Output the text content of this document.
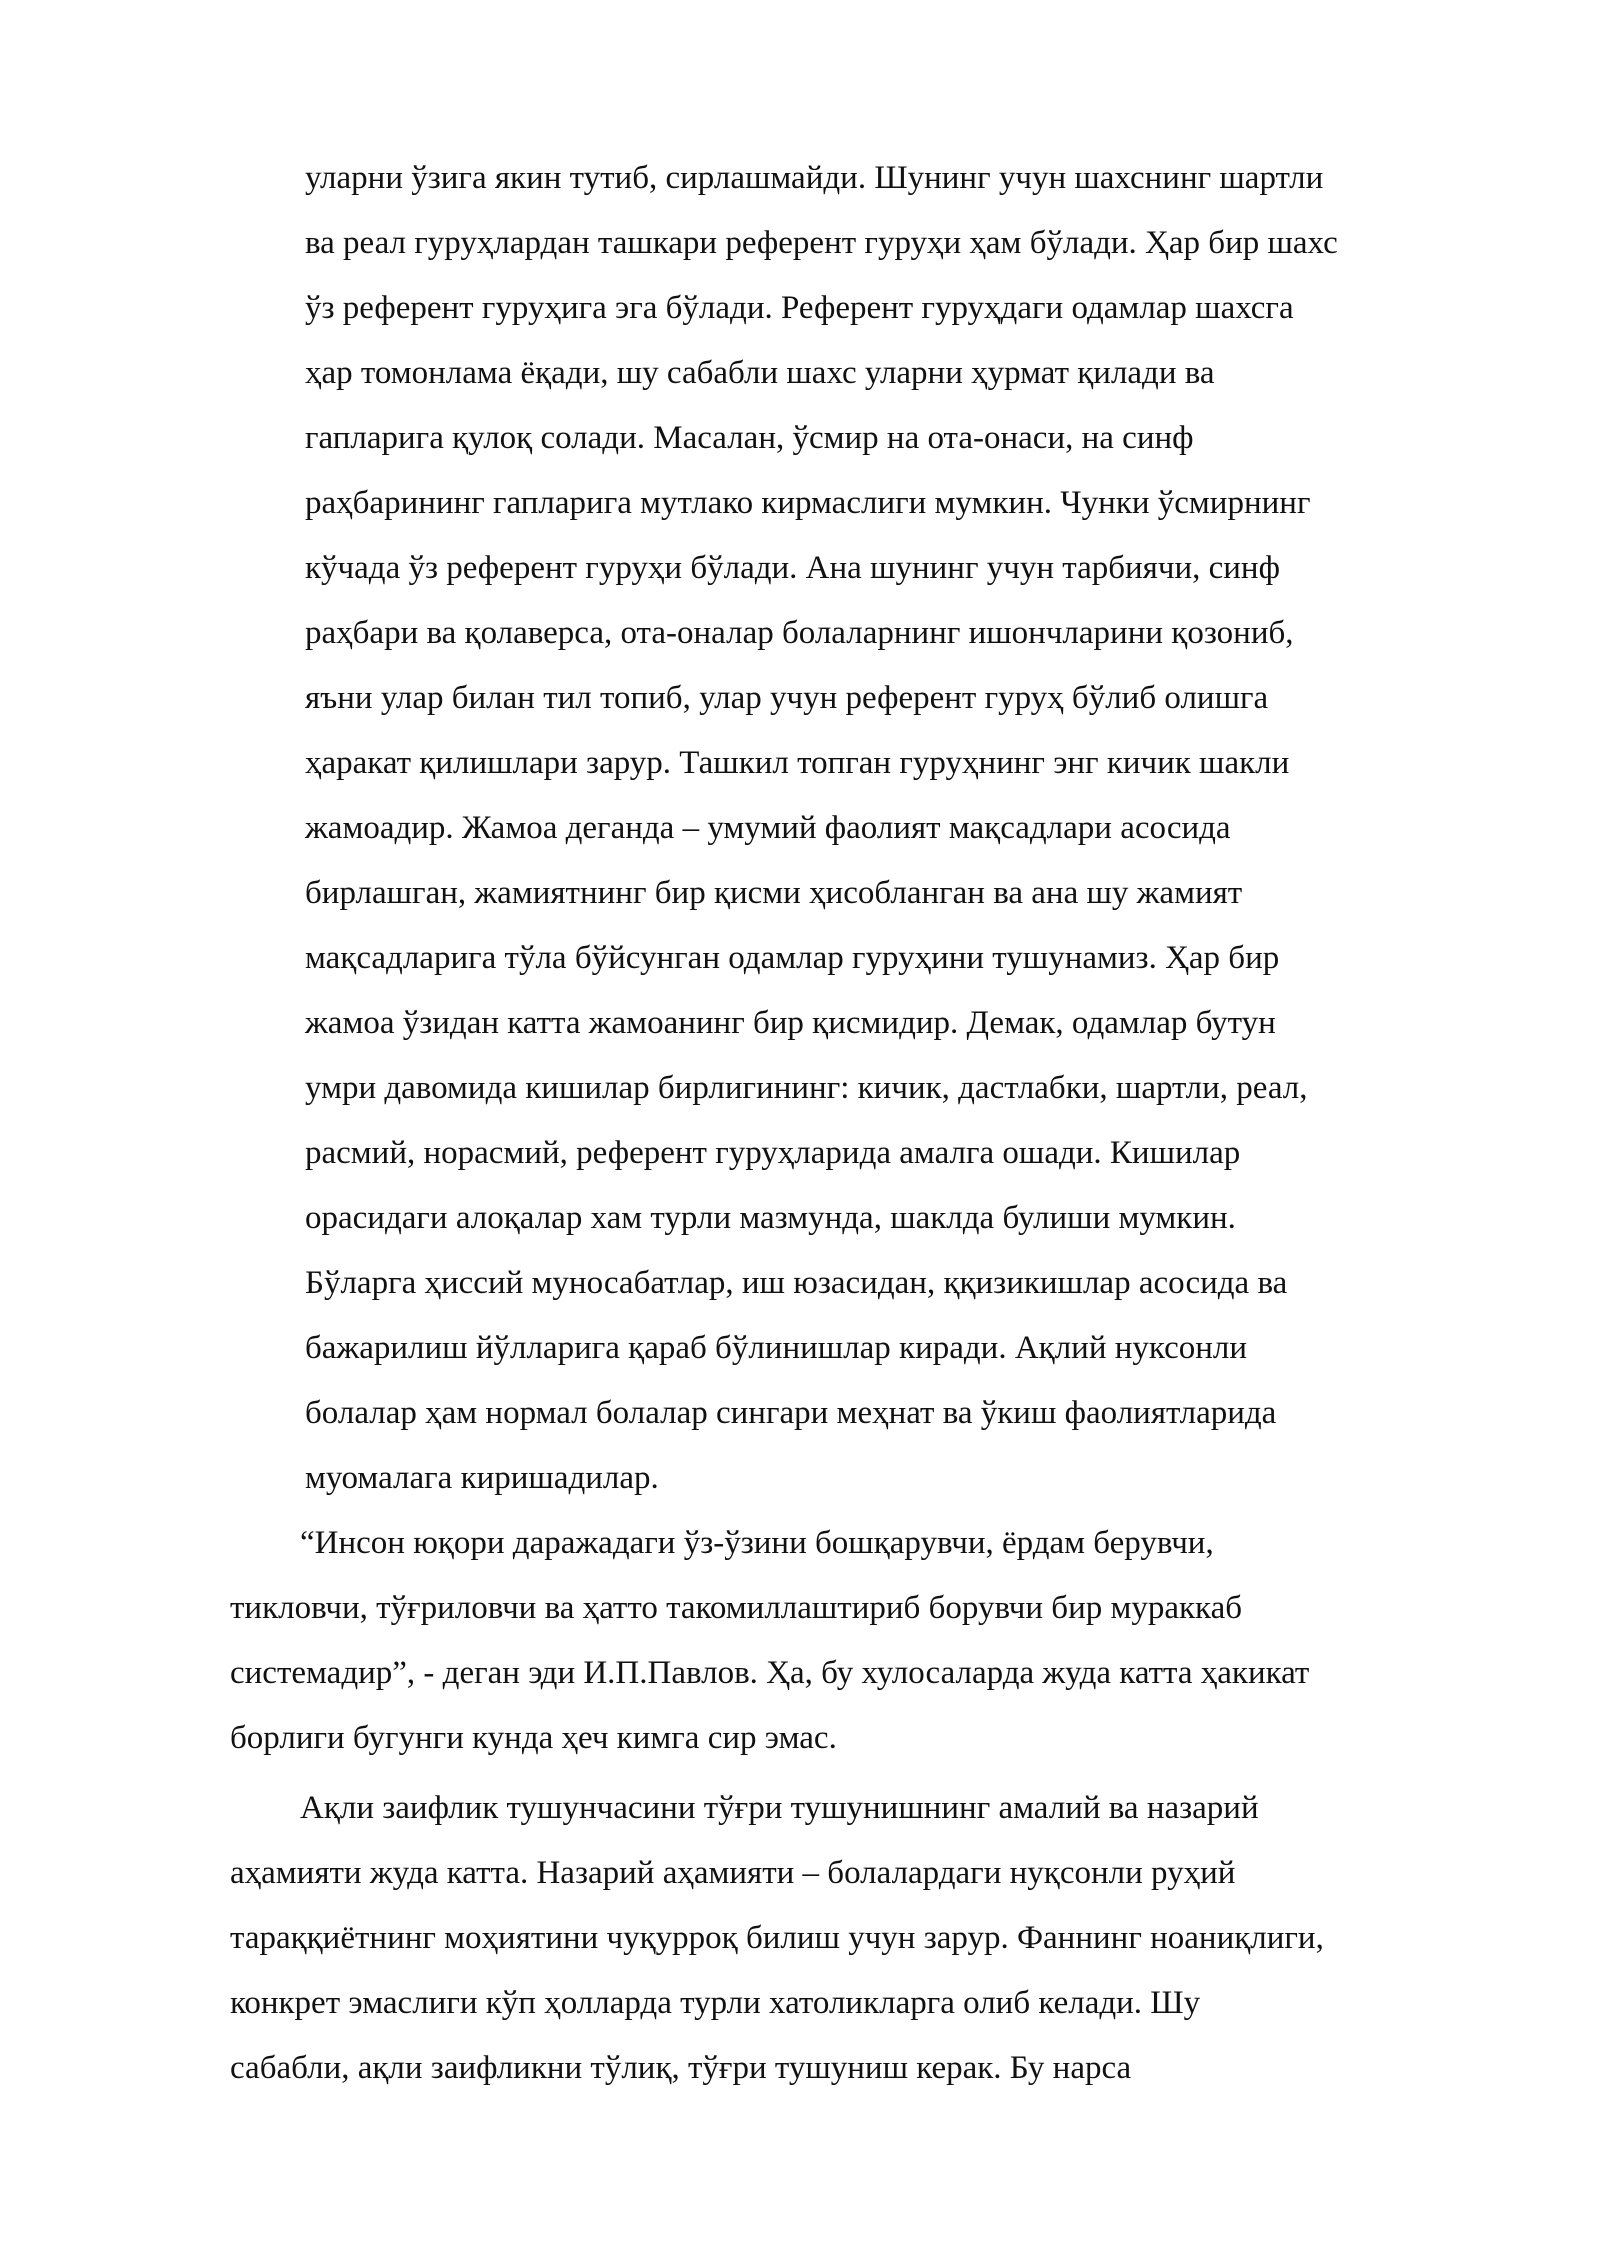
уларни ўзига якин тутиб, сирлашмайди. Шунинг учун шахснинг шартли
ва реал гуруҳлардан ташкари референт гуруҳи ҳам бўлади. Ҳар бир шахс
ўз референт гуруҳига эга бўлади. Референт гуруҳдаги одамлар шахсга
ҳар томонлама ёқади, шу сабабли шахс уларни ҳурмат қилади ва
гапларига қулоқ солади. Масалан, ўсмир на ота-онаси, на синф
раҳбарининг гапларига мутлако кирмаслиги мумкин. Чунки ўсмирнинг
кўчада ўз референт гуруҳи бўлади. Ана шунинг учун тарбиячи, синф
раҳбари ва қолаверса, ота-оналар болаларнинг ишончларини қозониб,
яъни улар билан тил топиб, улар учун референт гуруҳ бўлиб олишга
ҳаракат қилишлари зарур. Ташкил топган гуруҳнинг энг кичик шакли
жамоадир. Жамоа деганда – умумий фаолият мақсадлари асосида
бирлашган, жамиятнинг бир қисми ҳисобланган ва ана шу жамият
мақсадларига тўла бўйсунган одамлар гуруҳини тушунамиз. Ҳар бир
жамоа ўзидан катта жамоанинг бир қисмидир. Демак, одамлар бутун
умри давомида кишилар бирлигининг: кичик, дастлабки, шартли, реал,
расмий, норасмий, референт гуруҳларида амалга ошади. Кишилар
орасидаги алоқалар хам турли мазмунда, шаклда булиши мумкин.
Бўларга ҳиссий муносабатлар, иш юзасидан, ққизикишлар асосида ва
бажарилиш йўлларига қараб бўлинишлар киради. Ақлий нуксонли
болалар ҳам нормал болалар сингари меҳнат ва ўкиш фаолиятларида
муомалага киришадилар.
“Инсон юқори даражадаги ўз-ўзини бошқарувчи, ёрдам берувчи,
тикловчи, тўғриловчи ва ҳатто такомиллаштириб борувчи бир мураккаб
системадир”, - деган эди И.П.Павлов. Ҳа, бу хулосаларда жуда катта ҳакикат
борлиги бугунги кунда ҳеч кимга сир эмас.
Ақли заифлик тушунчасини тўғри тушунишнинг амалий ва назарий
аҳамияти жуда катта. Назарий аҳамияти – болалардаги нуқсонли руҳий
тараққиётнинг моҳиятини чуқурроқ билиш учун зарур. Фаннинг ноаниқлиги,
конкрет эмаслиги кўп ҳолларда турли хатоликларга олиб келади. Шу
сабабли, ақли заифликни тўлиқ, тўғри тушуниш керак. Бу нарса
